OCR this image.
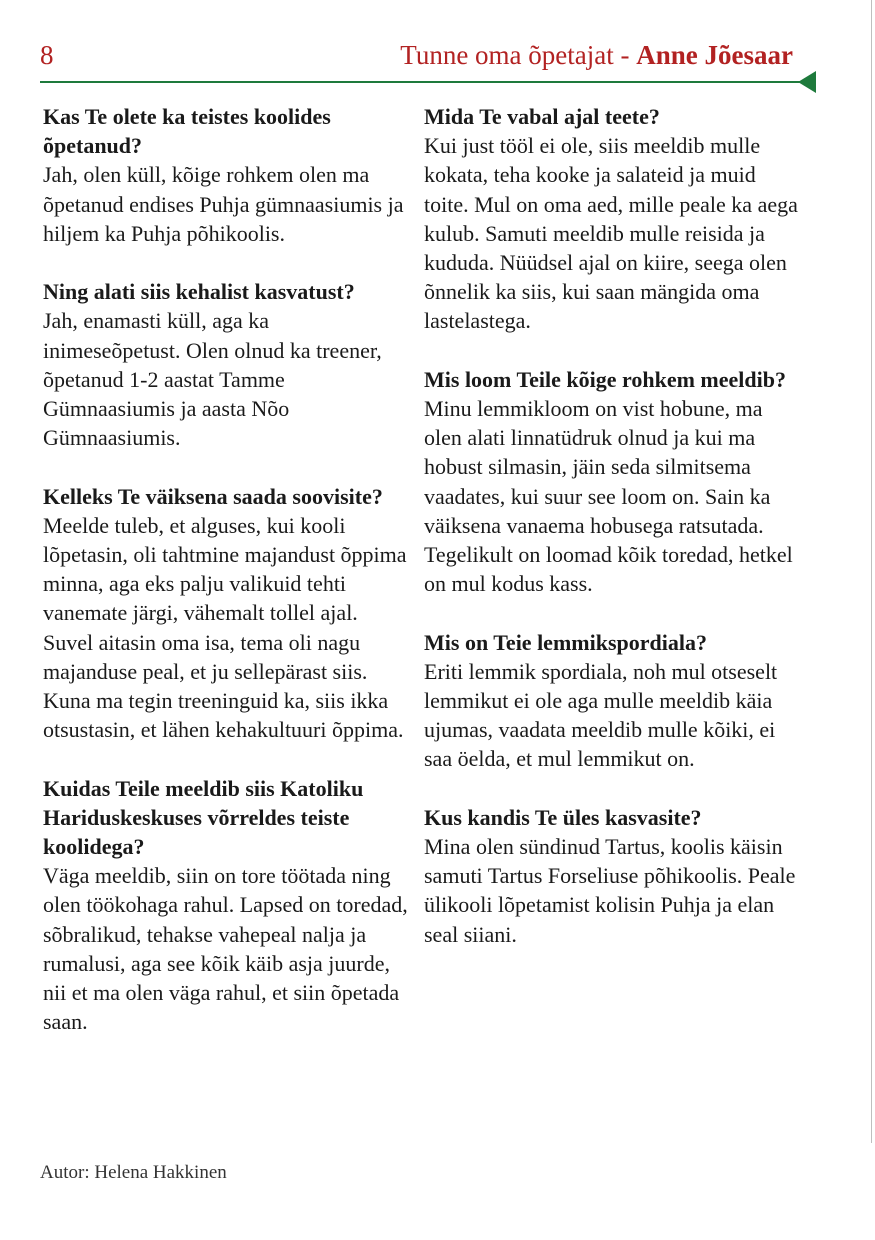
8	Tunne oma õpetajat - Anne Jõesaar

Kas Te olete ka teistes koolides õpetanud?

Jah, olen küll, kõige rohkem olen ma õpetanud endises Puhja gümnaasiumis ja hiljem ka Puhja põhikoolis.

Ning alati siis kehalist kasvatust?

Jah, enamasti küll, aga ka inimeseõpetust. Olen olnud ka treener, õpetanud 1-2 aastat Tamme Gümnaasiumis ja aasta Nõo Gümnaasiumis.

Kelleks Te väiksena saada soovisite?

Meelde tuleb, et alguses, kui kooli lõpetasin, oli tahtmine majandust õppima minna, aga eks palju valikuid tehti vanemate järgi, vähemalt tollel ajal. Suvel aitasin oma isa, tema oli nagu majanduse peal, et ju sellepärast siis. Kuna ma tegin treeninguid ka, siis ikka otsustasin, et lähen kehakultuuri õppima.

Kuidas Teile meeldib siis Katoliku Hariduskeskuses võrreldes teiste koolidega?

Väga meeldib, siin on tore töötada ning olen töökohaga rahul. Lapsed on toredad, sõbralikud, tehakse vahepeal nalja ja rumalusi, aga see kõik käib asja juurde, nii et ma olen väga rahul, et siin õpetada saan.

Mida Te vabal ajal teete?

Kui just tööl ei ole, siis meeldib mulle kokata, teha kooke ja salateid ja muid toite. Mul on oma aed, mille peale ka aega kulub. Samuti meeldib mulle reisida ja kududa. Nüüdsel ajal on kiire, seega olen õnnelik ka siis, kui saan mängida oma lastelastega.

Mis loom Teile kõige rohkem meeldib?

Minu lemmikloom on vist hobune, ma olen alati linnatüdruk olnud ja kui ma hobust silmasin, jäin seda silmitsema vaadates, kui suur see loom on. Sain ka väiksena vanaema hobusega ratsutada. Tegelikult on loomad kõik toredad, hetkel on mul kodus kass.

Mis on Teie lemmikspordiala?

Eriti lemmik spordiala, noh mul otseselt lemmikut ei ole aga mulle meeldib käia ujumas, vaadata meeldib mulle kõiki, ei saa öelda, et mul lemmikut on.

Kus kandis Te üles kasvasite?

Mina olen sündinud Tartus, koolis käisin samuti Tartus Forseliuse põhikoolis. Peale ülikooli lõpetamist kolisin Puhja ja elan seal siiani.

Autor: Helena Hakkinen
